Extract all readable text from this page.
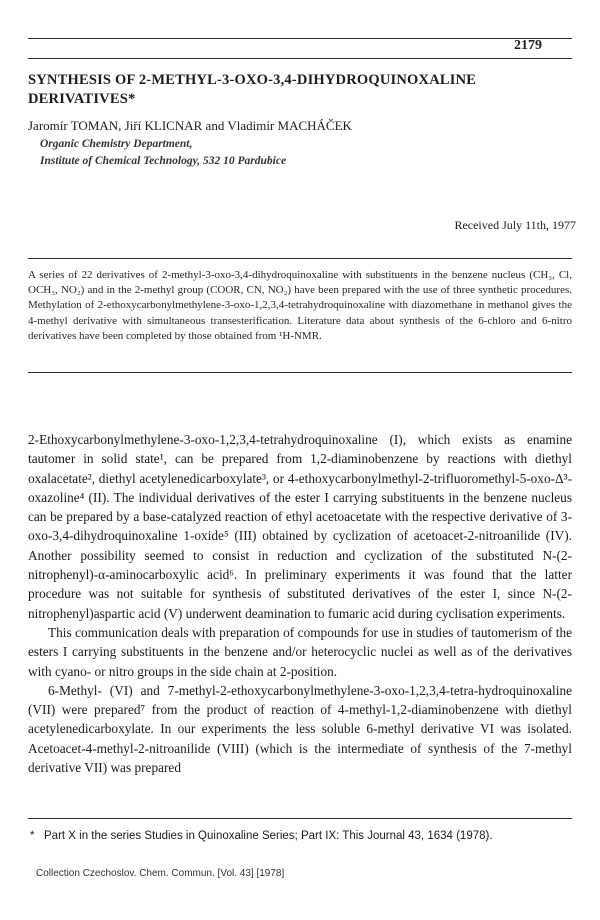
2179
SYNTHESIS OF 2-METHYL-3-OXO-3,4-DIHYDROQUINOXALINE DERIVATIVES*
Jaromír TOMAN, Jiří KLICNAR and Vladimír MACHÁČEK
Organic Chemistry Department,
Institute of Chemical Technology, 532 10 Pardubice
Received July 11th, 1977
A series of 22 derivatives of 2-methyl-3-oxo-3,4-dihydroquinoxaline with substituents in the benzene nucleus (CH₃, Cl, OCH₃, NO₂) and in the 2-methyl group (COOR, CN, NO₂) have been prepared with the use of three synthetic procedures. Methylation of 2-ethoxycarbonylmethylene-3-oxo-1,2,3,4-tetrahydroquinoxaline with diazomethane in methanol gives the 4-methyl derivative with simultaneous transesterification. Literature data about synthesis of the 6-chloro and 6-nitro derivatives have been completed by those obtained from ¹H-NMR.

2-Ethoxycarbonylmethylene-3-oxo-1,2,3,4-tetrahydroquinoxaline (I), which exists as enamine tautomer in solid state¹, can be prepared from 1,2-diaminobenzene by reactions with diethyl oxalacetate², diethyl acetylenedicarboxylate³, or 4-ethoxycarbonylmethyl-2-trifluoromethyl-5-oxo-Δ³-oxazoline⁴ (II). The individual derivatives of the ester I carrying substituents in the benzene nucleus can be prepared by a base-catalyzed reaction of ethyl acetoacetate with the respective derivative of 3-oxo-3,4-dihydroquinoxaline 1-oxide⁵ (III) obtained by cyclization of acetoacet-2-nitroanilide (IV). Another possibility seemed to consist in reduction and cyclization of the substituted N-(2-nitrophenyl)-α-aminocarboxylic acid⁶. In preliminary experiments it was found that the latter procedure was not suitable for synthesis of substituted derivatives of the ester I, since N-(2-nitrophenyl)aspartic acid (V) underwent deamination to fumaric acid during cyclisation experiments.

This communication deals with preparation of compounds for use in studies of tautomerism of the esters I carrying substituents in the benzene and/or heterocyclic nuclei as well as of the derivatives with cyano- or nitro groups in the side chain at 2-position.

6-Methyl- (VI) and 7-methyl-2-ethoxycarbonylmethylene-3-oxo-1,2,3,4-tetra-hydroquinoxaline (VII) were prepared⁷ from the product of reaction of 4-methyl-1,2-diaminobenzene with diethyl acetylenedicarboxylate. In our experiments the less soluble 6-methyl derivative VI was isolated. Acetoacet-4-methyl-2-nitroanilide (VIII) (which is the intermediate of synthesis of the 7-methyl derivative VII) was prepared

* Part X in the series Studies in Quinoxaline Series; Part IX: This Journal 43, 1634 (1978).
Collection Czechoslov. Chem. Commun. [Vol. 43] [1978]
